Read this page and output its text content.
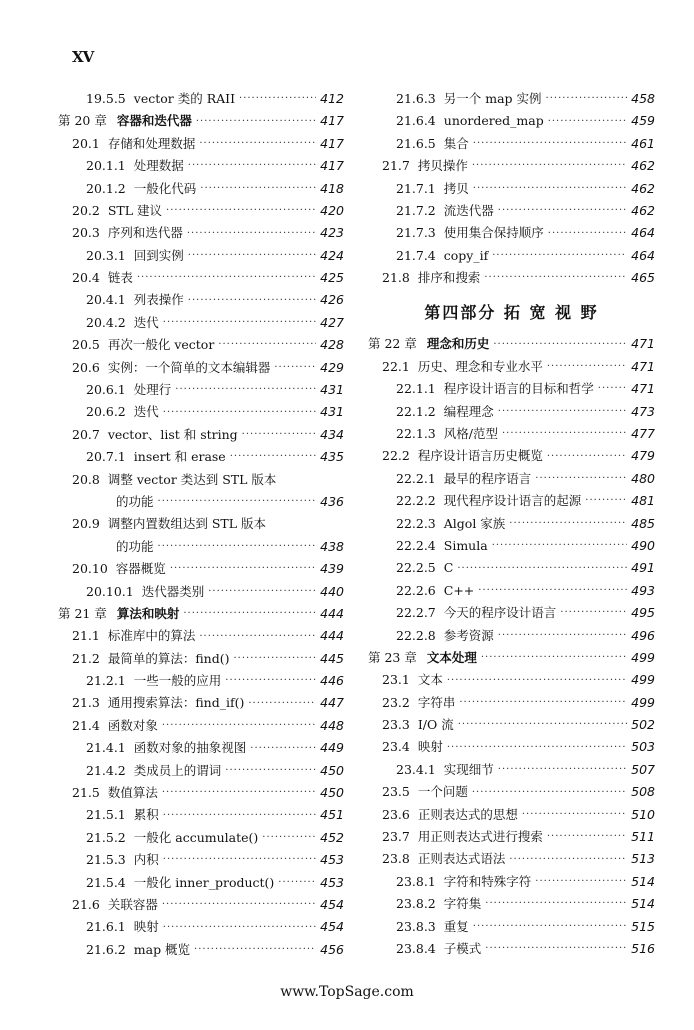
XV
19.5.5 vector 类的 RAII ·····	412
第 20 章 容器和迭代器 ·····	417
20.1 存储和处理数据 ·····	417
20.1.1 处理数据 ·····	417
20.1.2 一般化代码 ·····	418
20.2 STL 建议 ·····	420
20.3 序列和迭代器 ·····	423
20.3.1 回到实例 ·····	424
20.4 链表 ·····	425
20.4.1 列表操作 ·····	426
20.4.2 迭代 ·····	427
20.5 再次一般化 vector ·····	428
20.6 实例：一个简单的文本编辑器 ·····	429
20.6.1 处理行 ·····	431
20.6.2 迭代 ·····	431
20.7 vector、list 和 string ·····	434
20.7.1 insert 和 erase ·····	435
20.8 调整 vector 类达到 STL 版本
的功能 ·····	436
20.9 调整内置数组达到 STL 版本
的功能 ·····	438
20.10 容器概览 ·····	439
20.10.1 迭代器类别 ·····	440
第 21 章 算法和映射 ·····	444
21.1 标准库中的算法 ·····	444
21.2 最简单的算法：find() ·····	445
21.2.1 一些一般的应用 ·····	446
21.3 通用搜索算法：find_if() ·····	447
21.4 函数对象 ·····	448
21.4.1 函数对象的抽象视图 ·····	449
21.4.2 类成员上的谓词 ·····	450
21.5 数值算法 ·····	450
21.5.1 累积 ·····	451
21.5.2 一般化 accumulate() ·····	452
21.5.3 内积 ·····	453
21.5.4 一般化 inner_product() ·····	453
21.6 关联容器 ·····	454
21.6.1 映射 ·····	454
21.6.2 map 概览 ·····	456
21.6.3 另一个 map 实例 ·····	458
21.6.4 unordered_map ·····	459
21.6.5 集合 ·····	461
21.7 拷贝操作 ·····	462
21.7.1 拷贝 ·····	462
21.7.2 流迭代器 ·····	462
21.7.3 使用集合保持顺序 ·····	464
21.7.4 copy_if ·····	464
21.8 排序和搜索 ·····	465
第四部分 拓 宽 视 野
第 22 章 理念和历史 ·····	471
22.1 历史、理念和专业水平 ·····	471
22.1.1 程序设计语言的目标和哲学 ·····	471
22.1.2 编程理念 ·····	473
22.1.3 风格/范型 ·····	477
22.2 程序设计语言历史概览 ·····	479
22.2.1 最早的程序语言 ·····	480
22.2.2 现代程序设计语言的起源 ·····	481
22.2.3 Algol 家族 ·····	485
22.2.4 Simula ·····	490
22.2.5 C ·····	491
22.2.6 C++ ·····	493
22.2.7 今天的程序设计语言 ·····	495
22.2.8 参考资源 ·····	496
第 23 章 文本处理 ·····	499
23.1 文本 ·····	499
23.2 字符串 ·····	499
23.3 I/O 流 ·····	502
23.4 映射 ·····	503
23.4.1 实现细节 ·····	507
23.5 一个问题 ·····	508
23.6 正则表达式的思想 ·····	510
23.7 用正则表达式进行搜索 ·····	511
23.8 正则表达式语法 ·····	513
23.8.1 字符和特殊字符 ·····	514
23.8.2 字符集 ·····	514
23.8.3 重复 ·····	515
23.8.4 子模式 ·····	516
www.TopSage.com
